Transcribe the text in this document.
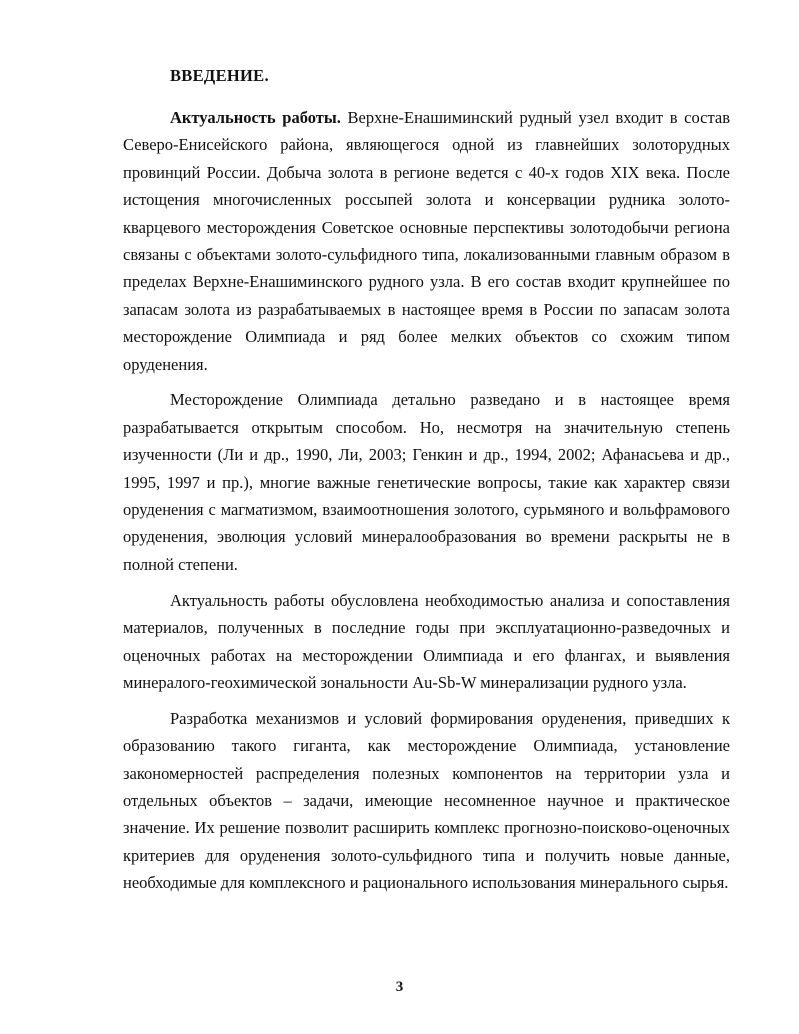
ВВЕДЕНИЕ.

Актуальность работы. Верхне-Енашиминский рудный узел входит в состав Северо-Енисейского района, являющегося одной из главнейших золоторудных провинций России. Добыча золота в регионе ведется с 40-х годов XIX века. После истощения многочисленных россыпей золота и консервации рудника золото-кварцевого месторождения Советское основные перспективы золотодобычи региона связаны с объектами золото-сульфидного типа, локализованными главным образом в пределах Верхне-Енашиминского рудного узла. В его состав входит крупнейшее по запасам золота из разрабатываемых в настоящее время в России по запасам золота месторождение Олимпиада и ряд более мелких объектов со схожим типом оруденения.

Месторождение Олимпиада детально разведано и в настоящее время разрабатывается открытым способом. Но, несмотря на значительную степень изученности (Ли и др., 1990, Ли, 2003; Генкин и др., 1994, 2002; Афанасьева и др., 1995, 1997 и пр.), многие важные генетические вопросы, такие как характер связи оруденения с магматизмом, взаимоотношения золотого, сурьмяного и вольфрамового оруденения, эволюция условий минералообразования во времени раскрыты не в полной степени.

Актуальность работы обусловлена необходимостью анализа и сопоставления материалов, полученных в последние годы при эксплуатационно-разведочных и оценочных работах на месторождении Олимпиада и его флангах, и выявления минералого-геохимической зональности Au-Sb-W минерализации рудного узла.

Разработка механизмов и условий формирования оруденения, приведших к образованию такого гиганта, как месторождение Олимпиада, установление закономерностей распределения полезных компонентов на территории узла и отдельных объектов – задачи, имеющие несомненное научное и практическое значение. Их решение позволит расширить комплекс прогнозно-поисково-оценочных критериев для оруденения золото-сульфидного типа и получить новые данные, необходимые для комплексного и рационального использования минерального сырья.

3
